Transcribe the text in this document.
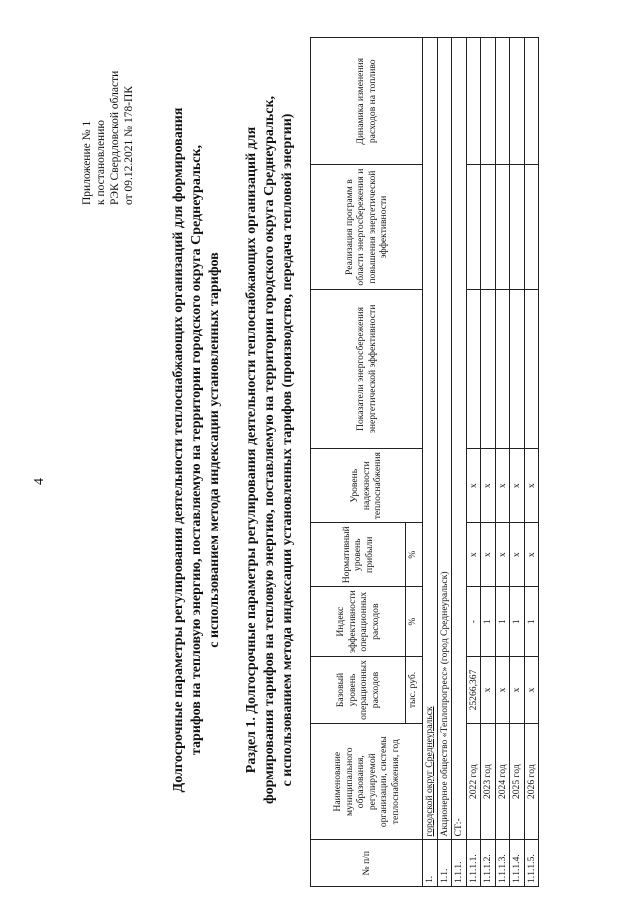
4
Приложение № 1 к постановлению РЭК Свердловской области от 09.12.2021 № 178-ПК	Долгосрочные параметры регулирования деятельности теплоснабжающих организаций для формирования тарифов на тепловую энергию, поставляемую на территории городского округа Среднеуральск, с использованием метода индексации установленных тарифов Раздел 1. Долгосрочные параметры регулирования деятельности теплоснабжающих организаций для формирования тарифов на тепловую энергию, поставляемую на территории городского округа Среднеуральск, с использованием метода индексации установленных тарифов (производство, передача тепловой энергии)
№ п/п	Наименование муниципального образования, регулируемой организации, системы теплоснабжения, год	Базовый уровень операционных расходов	Индекс эффективности операционных расходов	Нормативный уровень прибыли	Уровень надежности теплоснабжения	Показатели энергосбережения энергетической эффективности	Реализация программ в области энергосбережения и повышения энергетической эффективности	Динамика изменения расходов на топливо
		тыс. руб.	%	%				
1.	городской округ Среднеуральск							
1.1.	Акционерное общество «Теплопрогресс» (город Среднеуральск)							
1.1.1.	СТ:-							
1.1.1.1.	2022 год	25266,367	-	x	x			
1.1.1.2.	2023 год	x	1	x	x			
1.1.1.3.	2024 год	x	1	x	x			
1.1.1.4.	2025 год	x	1	x	x			
1.1.1.5.	2026 год	x	1	x	x			
